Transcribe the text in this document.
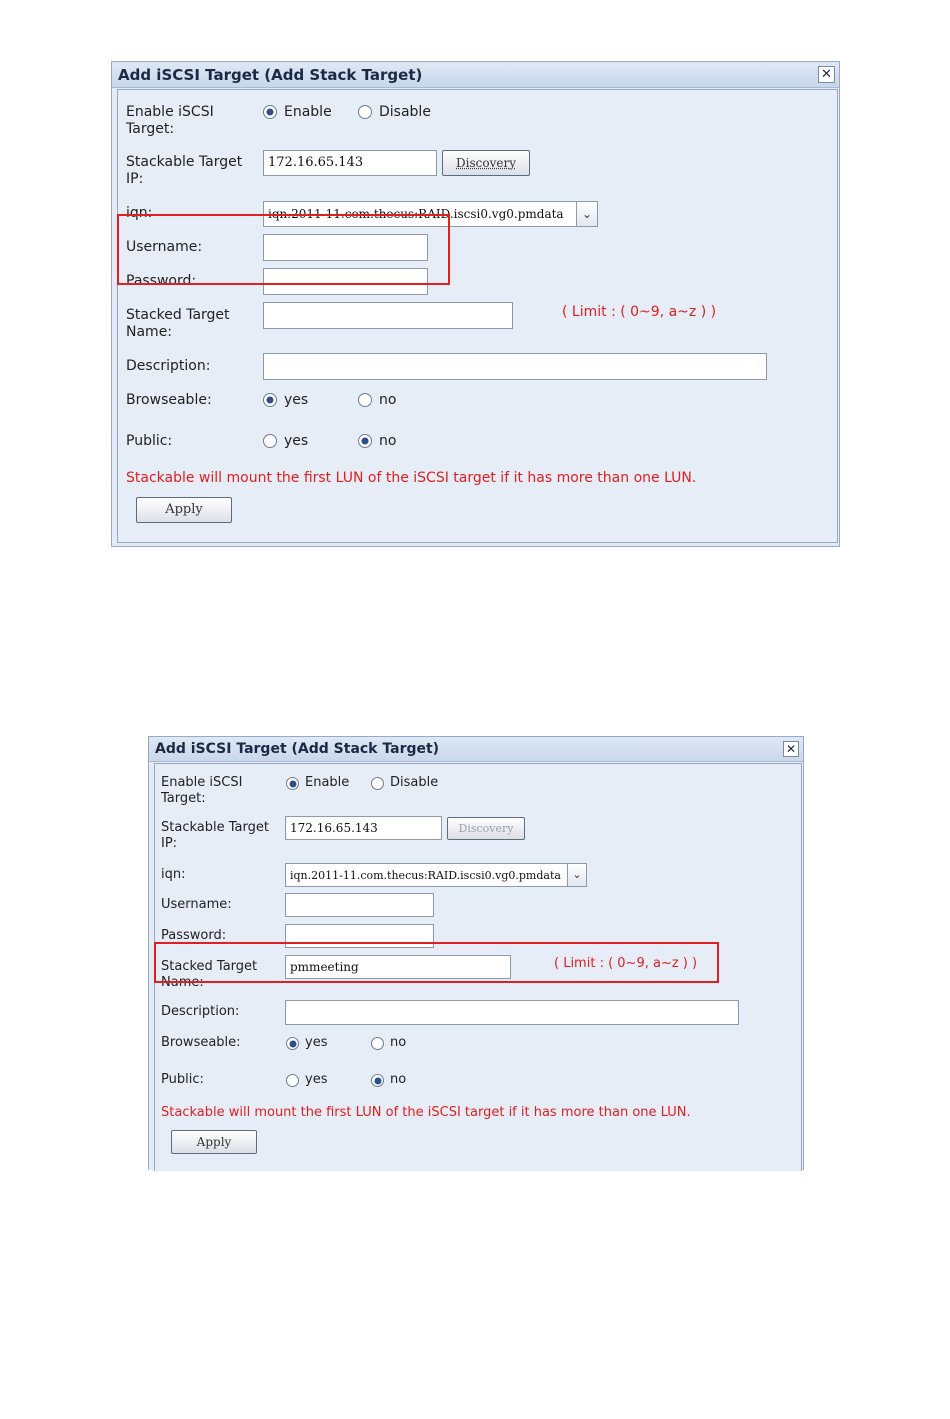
Add iSCSI Target (Add Stack Target)	✕
Enable iSCSI Target:
Enable	Disable
Stackable Target IP:
172.16.65.143	Discovery
iqn:	iqn.2011-11.com.thecus:RAID.iscsi0.vg0.pmdata	⌄
Username:
Password:
Stacked Target Name:
( Limit : ( 0~9, a~z ) )
Description:
Browseable:	yes	no
Public:	yes	no
Stackable will mount the first LUN of the iSCSI target if it has more than one LUN.
Apply
Add iSCSI Target (Add Stack Target)	✕
Enable iSCSI Target:
Enable	Disable
Stackable Target IP:
172.16.65.143	Discovery
iqn:	iqn.2011-11.com.thecus:RAID.iscsi0.vg0.pmdata	⌄
Username:
Password:
Stacked Target Name:
pmmeeting	( Limit : ( 0~9, a~z ) )
Description:
Browseable:	yes	no
Public:	yes	no
Stackable will mount the first LUN of the iSCSI target if it has more than one LUN.
Apply
